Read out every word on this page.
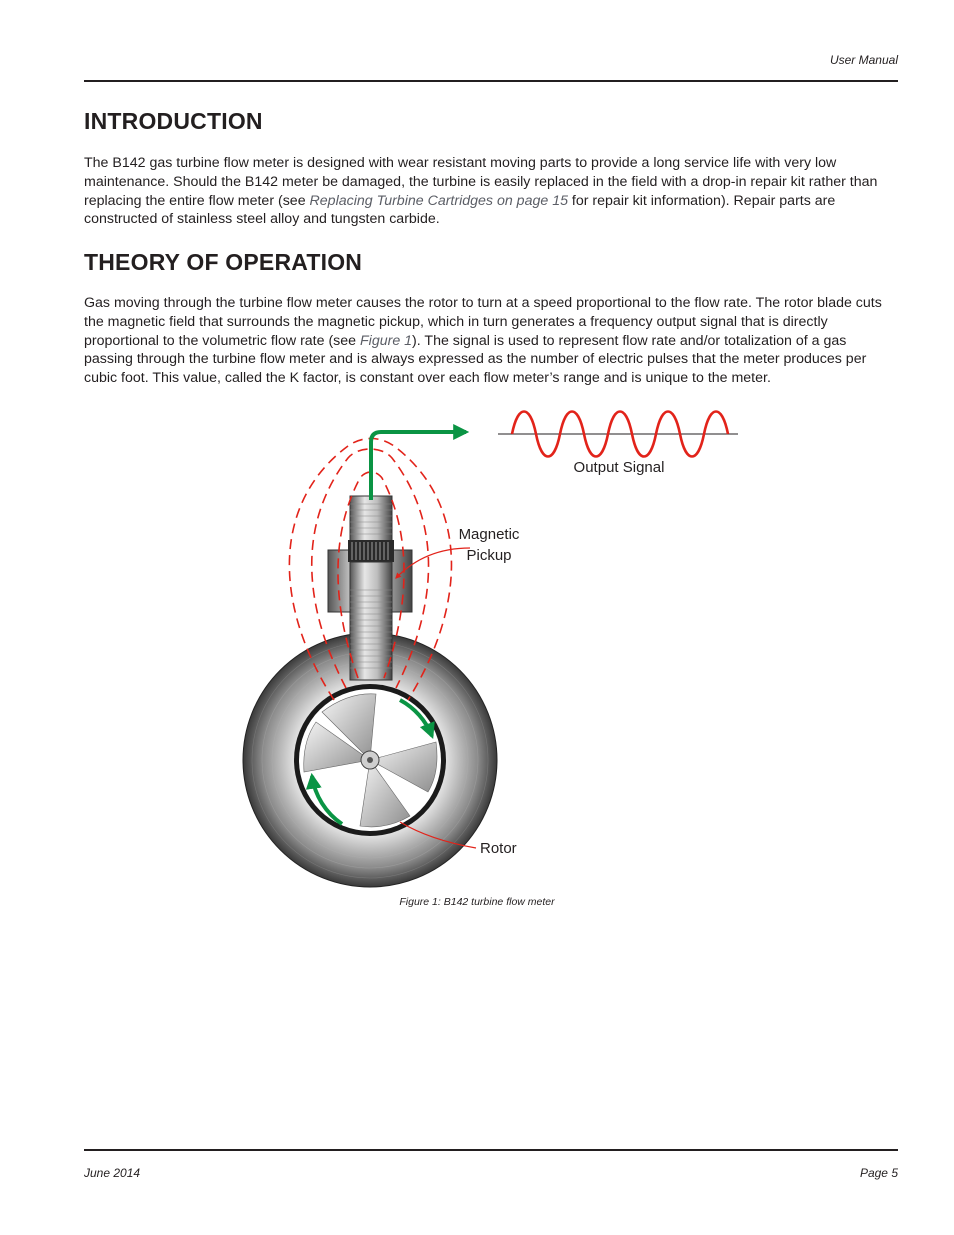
User Manual
INTRODUCTION

The B142 gas turbine flow meter is designed with wear resistant moving parts to provide a long service life with very low maintenance. Should the B142 meter be damaged, the turbine is easily replaced in the field with a drop-in repair kit rather than replacing the entire flow meter (see Replacing Turbine Cartridges on page 15 for repair kit information). Repair parts are constructed of stainless steel alloy and tungsten carbide.

THEORY OF OPERATION

Gas moving through the turbine flow meter causes the rotor to turn at a speed proportional to the flow rate. The rotor blade cuts the magnetic field that surrounds the magnetic pickup, which in turn generates a frequency output signal that is directly proportional to the volumetric flow rate (see Figure 1). The signal is used to represent flow rate and/or totalization of a gas passing through the turbine flow meter and is always expressed as the number of electric pulses that the meter produces per cubic foot. This value, called the K factor, is constant over each flow meter’s range and is unique to the meter.

Output Signal
Magnetic
Pickup
Rotor
Figure 1: B142 turbine flow meter
June 2014	Page 5
